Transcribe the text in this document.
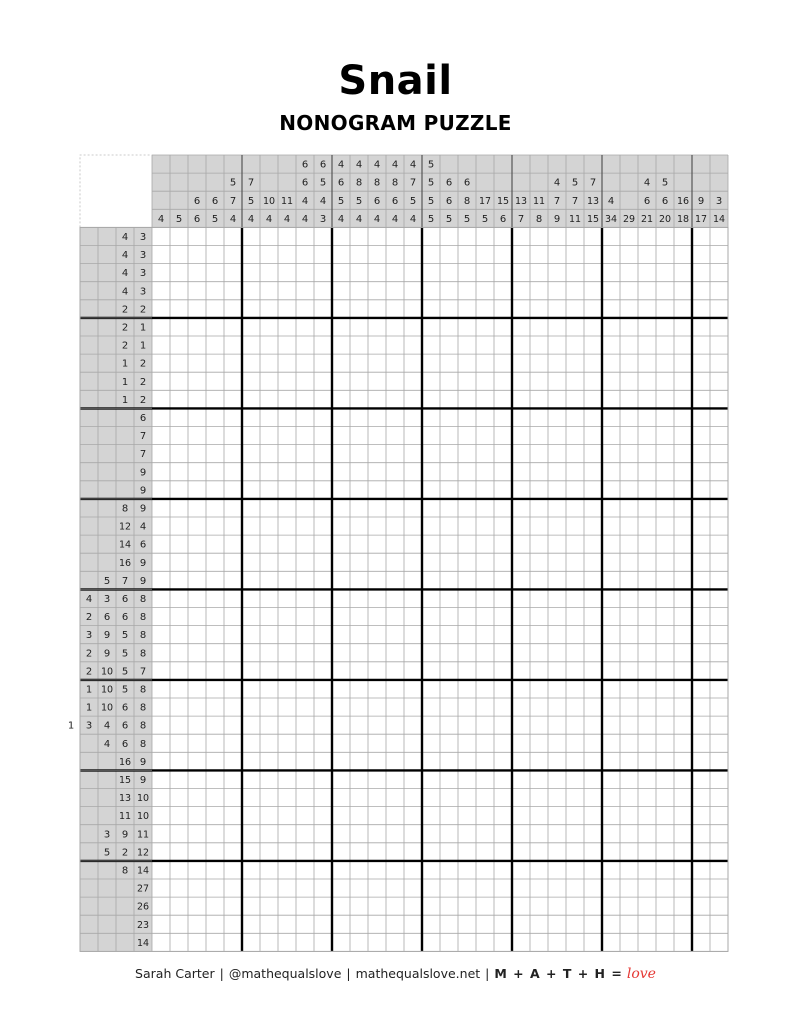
Snail
NONOGRAM PUZZLE
4 5
6
6
6
5
5
7
4
7
5
4
10
4
11
4
6
6
4
4
6
5
4
3
4
6
5
4
4
8
5
4
4
8
6
4
4
8
6
4
4
7
5
4
5
5
5
5
6
6
5
6
8
5
17
5
15
6
13
7
11
8
4
7
9
5
7
11
7
13
15
4
34 29
4
6
21
5
6
20
16
18
9
17
3
14
4 3
4 3
4 3
4 3
2 2
2 1
2 1
1 2
1 2
1 2
6
7
7
9
9
8 9
12 4
14 6
16 9
5 7 9
4 3 6 8
2 6 6 8
3 9 5 8
2 9 5 8
2 10 5 7
1 10 5 8
1 10 6 8
1 3 4 6 8
4 6 8
16 9
15 9
13 10
11 10
3 9 11
5 2 12
8 14
27
26
23
14
Sarah Carter | @mathequalslove | mathequalslove.net | M + A + T + H = love
